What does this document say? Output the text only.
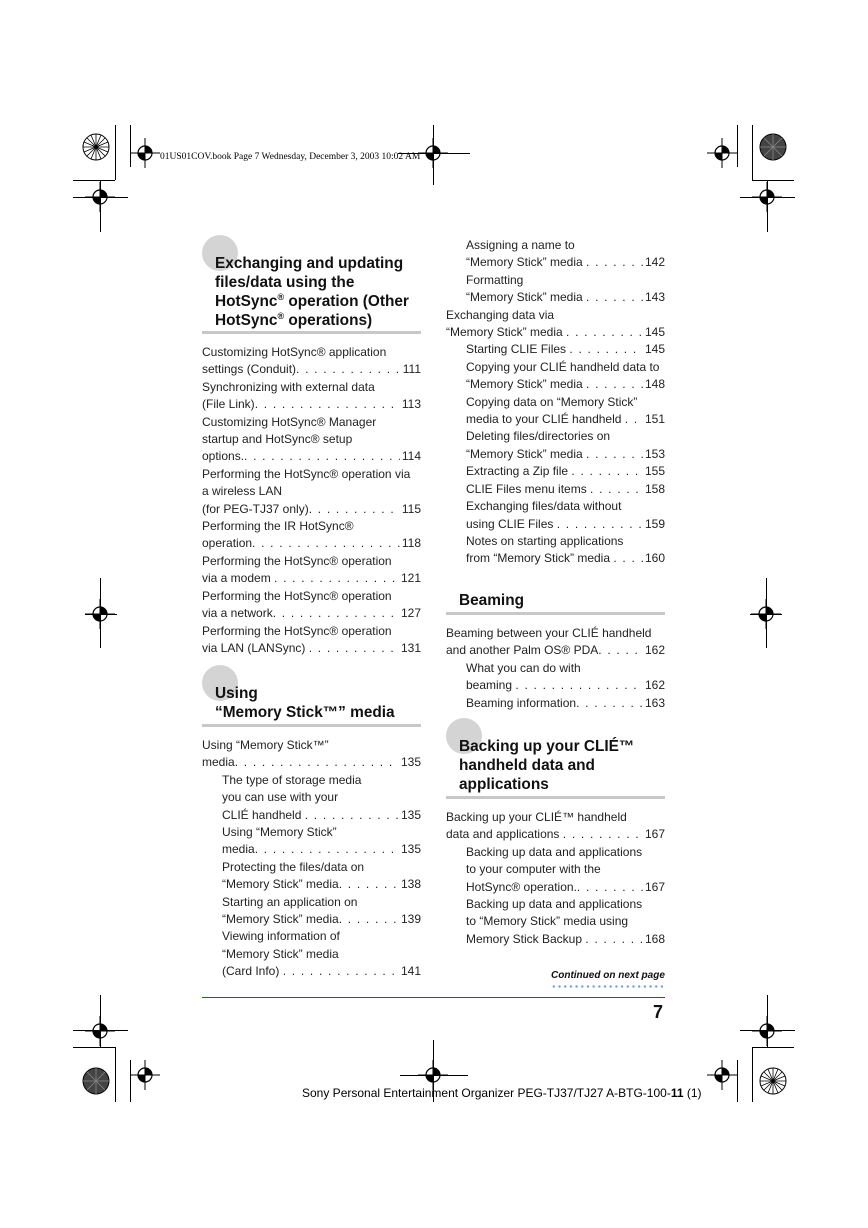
01US01COV.book Page 7 Wednesday, December 3, 2003 10:02 AM
Exchanging and updating
files/data using the
HotSync® operation (Other
HotSync® operations)
Customizing HotSync® application
settings (Conduit) . . .	111
Synchronizing with external data
(File Link) . . .	113
Customizing HotSync® Manager
startup and HotSync® setup
options. . . .	114
Performing the HotSync® operation via
a wireless LAN
(for PEG-TJ37 only) . . .	115
Performing the IR HotSync®
operation . . .	118
Performing the HotSync® operation
via a modem . . .	121
Performing the HotSync® operation
via a network . . .	127
Performing the HotSync® operation
via LAN (LANSync) . . .	131
Using
“Memory Stick™” media
Using “Memory Stick™”
media . . .	135
The type of storage media
you can use with your
CLIÉ handheld . . .	135
Using “Memory Stick”
media . . .	135
Protecting the files/data on
“Memory Stick” media . . .	138
Starting an application on
“Memory Stick” media . . .	139
Viewing information of
“Memory Stick” media
(Card Info) . . .	141
Assigning a name to
“Memory Stick” media . . .	142
Formatting
“Memory Stick” media . . .	143
Exchanging data via
“Memory Stick” media . . .	145
Starting CLIE Files . . .	145
Copying your CLIÉ handheld data to
“Memory Stick” media . . .	148
Copying data on “Memory Stick”
media to your CLIÉ handheld . . . 151
Deleting files/directories on
“Memory Stick” media . . .	153
Extracting a Zip file . . .	155
CLIE Files menu items . . .	158
Exchanging files/data without
using CLIE Files . . .	159
Notes on starting applications
from “Memory Stick” media . . .	160
Beaming
Beaming between your CLIÉ handheld
and another Palm OS® PDA . . .	162
What you can do with
beaming . . .	162
Beaming information . . .	163
Backing up your CLIÉ™
handheld data and
applications
Backing up your CLIÉ™ handheld
data and applications . . .	167
Backing up data and applications
to your computer with the
HotSync® operation. . . .	167
Backing up data and applications
to “Memory Stick” media using
Memory Stick Backup . . .	168
Continued on next page
7
Sony Personal Entertainment Organizer PEG-TJ37/TJ27 A-BTG-100-11 (1)
